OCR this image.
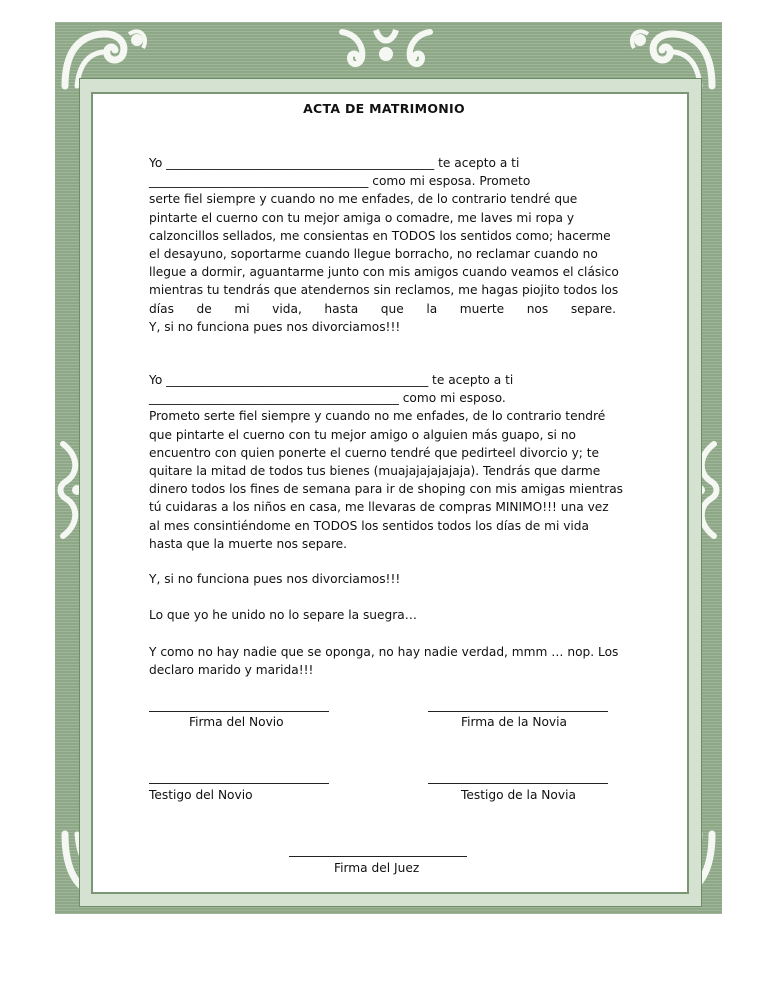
ACTA DE MATRIMONIO
Yo ____________________________________________ te acepto a ti
____________________________________ como mi esposa. Prometo
serte fiel siempre y cuando no me enfades, de lo contrario tendré que
pintarte el cuerno con tu mejor amiga o comadre, me laves mi ropa y
calzoncillos sellados, me consientas en TODOS los sentidos como; hacerme
el desayuno, soportarme cuando llegue borracho, no reclamar cuando no
llegue a dormir, aguantarme junto con mis amigos cuando veamos el clásico
mientras tu tendrás que atendernos sin reclamos, me hagas piojito todos los
días de mi vida, hasta que la muerte nos separe.
Y, si no funciona pues nos divorciamos!!!
Yo ___________________________________________ te acepto a ti
_________________________________________ como mi esposo.
Prometo serte fiel siempre y cuando no me enfades, de lo contrario tendré
que pintarte el cuerno con tu mejor amigo o alguien más guapo, si no
encuentro con quien ponerte el cuerno tendré que pedirteel divorcio y; te
quitare la mitad de todos tus bienes (muajajajajajaja). Tendrás que darme
dinero todos los fines de semana para ir de shoping con mis amigas mientras
tú cuidaras a los niños en casa, me llevaras de compras MINIMO!!! una vez
al mes consintiéndome en TODOS los sentidos todos los días de mi vida
hasta que la muerte nos separe.
Y, si no funciona pues nos divorciamos!!!
Lo que yo he unido no lo separe la suegra…
Y como no hay nadie que se oponga, no hay nadie verdad, mmm … nop. Los
declaro marido y marida!!!
Firma del Novio	Firma de la Novia
Testigo del Novio	Testigo de la Novia
Firma del Juez
